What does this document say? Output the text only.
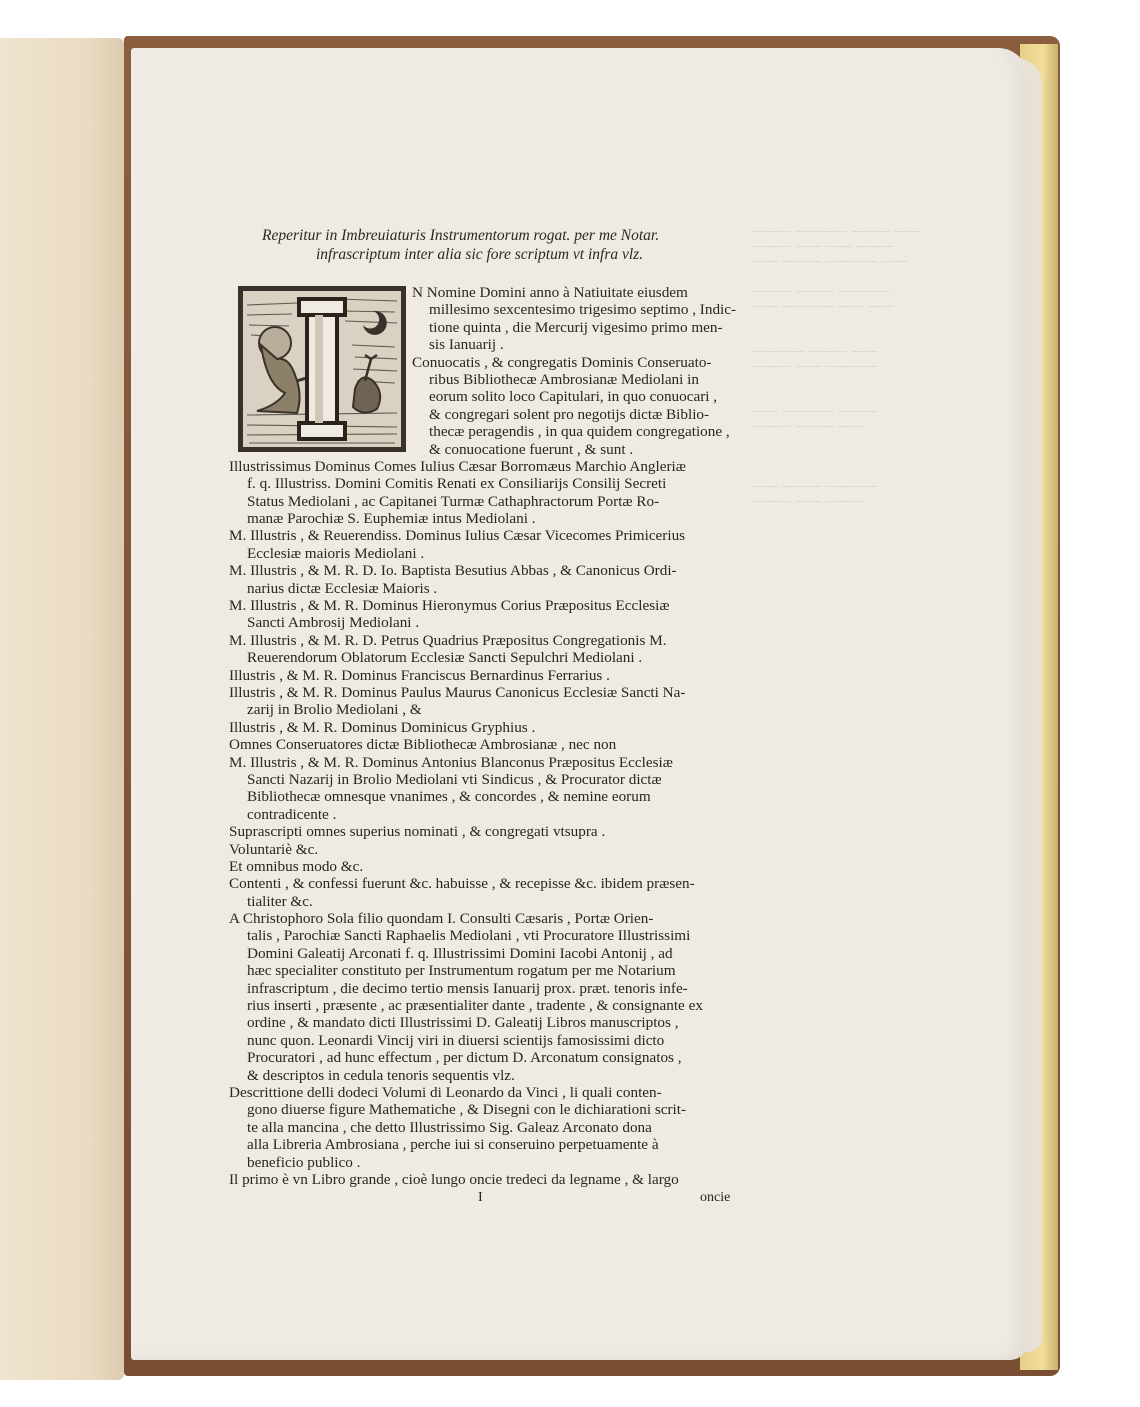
——— ———— ——— ——
——— —— —— ———
—— ——— ———— ——

——— ——— ————
—— ———— —— ——

———— ——— ——
——— —— ————

—— ———— ———
——— ——— ——

—— ——— ————
——— —— ———
Reperitur in Imbreuiaturis Instrumentorum rogat. per me Notar.
infrascriptum inter alia sic fore scriptum vt infra vlz.
N Nomine Domini anno à Natiuitate eiusdem
millesimo sexcentesimo trigesimo septimo , Indic-
tione quinta , die Mercurij vigesimo primo men-
sis Ianuarij .
Conuocatis , & congregatis Dominis Conseruato-
ribus Bibliothecæ Ambrosianæ Mediolani in
eorum solito loco Capitulari, in quo conuocari ,
& congregari solent pro negotijs dictæ Biblio-
thecæ peragendis , in qua quidem congregatione ,
& conuocatione fuerunt , & sunt .
Illustrissimus Dominus Comes Iulius Cæsar Borromæus Marchio Angleriæ
f. q. Illustriss. Domini Comitis Renati ex Consiliarijs Consilij Secreti
Status Mediolani , ac Capitanei Turmæ Cathaphractorum Portæ Ro-
manæ Parochiæ S. Euphemiæ intus Mediolani .
M. Illustris , & Reuerendiss. Dominus Iulius Cæsar Vicecomes Primicerius
Ecclesiæ maioris Mediolani .
M. Illustris , & M. R. D. Io. Baptista Besutius Abbas , & Canonicus Ordi-
narius dictæ Ecclesiæ Maioris .
M. Illustris , & M. R. Dominus Hieronymus Corius Præpositus Ecclesiæ
Sancti Ambrosij Mediolani .
M. Illustris , & M. R. D. Petrus Quadrius Præpositus Congregationis M.
Reuerendorum Oblatorum Ecclesiæ Sancti Sepulchri Mediolani .
Illustris , & M. R. Dominus Franciscus Bernardinus Ferrarius .
Illustris , & M. R. Dominus Paulus Maurus Canonicus Ecclesiæ Sancti Na-
zarij in Brolio Mediolani , &
Illustris , & M. R. Dominus Dominicus Gryphius .
Omnes Conseruatores dictæ Bibliothecæ Ambrosianæ , nec non
M. Illustris , & M. R. Dominus Antonius Blanconus Præpositus Ecclesiæ
Sancti Nazarij in Brolio Mediolani vti Sindicus , & Procurator dictæ
Bibliothecæ omnesque vnanimes , & concordes , & nemine eorum
contradicente .
Suprascripti omnes superius nominati , & congregati vtsupra .
Voluntariè &c.
Et omnibus modo &c.
Contenti , & confessi fuerunt &c. habuisse , & recepisse &c. ibidem præsen-
tialiter &c.
A Christophoro Sola filio quondam I. Consulti Cæsaris , Portæ Orien-
talis , Parochiæ Sancti Raphaelis Mediolani , vti Procuratore Illustrissimi
Domini Galeatij Arconati f. q. Illustrissimi Domini Iacobi Antonij , ad
hæc specialiter constituto per Instrumentum rogatum per me Notarium
infrascriptum , die decimo tertio mensis Ianuarij prox. præt. tenoris infe-
rius inserti , præsente , ac præsentialiter dante , tradente , & consignante ex
ordine , & mandato dicti Illustrissimi D. Galeatij Libros manuscriptos ,
nunc quon. Leonardi Vincij viri in diuersi scientijs famosissimi dicto
Procuratori , ad hunc effectum , per dictum D. Arconatum consignatos ,
& descriptos in cedula tenoris sequentis vlz.
Descrittione delli dodeci Volumi di Leonardo da Vinci , li quali conten-
gono diuerse figure Mathematiche , & Disegni con le dichiarationi scrit-
te alla mancina , che detto Illustrissimo Sig. Galeaz Arconato dona
alla Libreria Ambrosiana , perche iui si conseruino perpetuamente à
beneficio publico .
Il primo è vn Libro grande , cioè lungo oncie tredeci da legname , & largo
I	oncie
